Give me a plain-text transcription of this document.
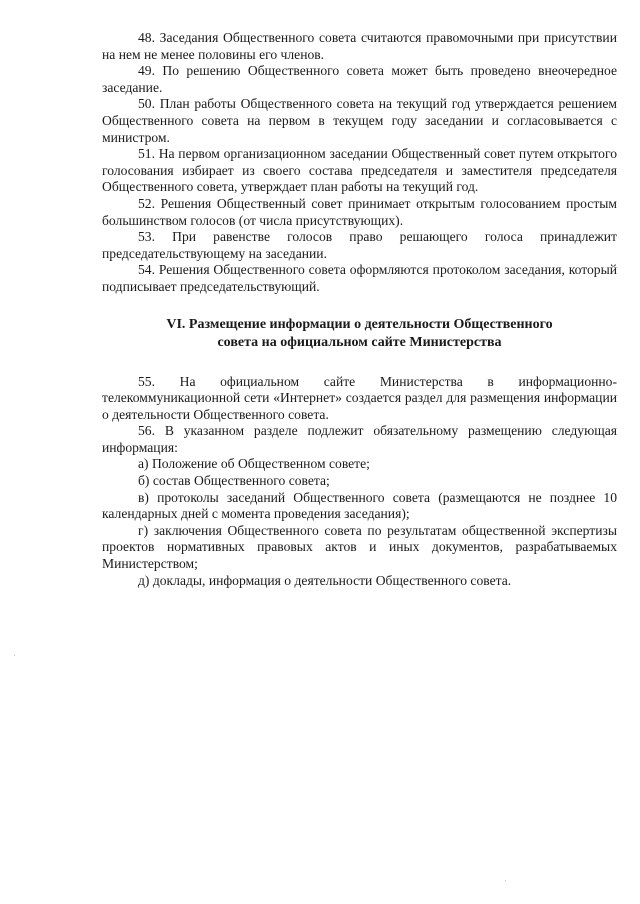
48. Заседания Общественного совета считаются правомочными при присутствии на нем не менее половины его членов.

49. По решению Общественного совета может быть проведено внеочередное заседание.

50. План работы Общественного совета на текущий год утверждается решением Общественного совета на первом в текущем году заседании и согласовывается с министром.

51. На первом организационном заседании Общественный совет путем открытого голосования избирает из своего состава председателя и заместителя председателя Общественного совета, утверждает план работы на текущий год.

52. Решения Общественный совет принимает открытым голосованием простым большинством голосов (от числа присутствующих).

53. При равенстве голосов право решающего голоса принадлежит председательствующему на заседании.

54. Решения Общественного совета оформляются протоколом заседания, который подписывает председательствующий.

VI. Размещение информации о деятельности Общественного
совета на официальном сайте Министерства

55. На официальном сайте Министерства в информационно-телекоммуникационной сети «Интернет» создается раздел для размещения информации о деятельности Общественного совета.

56. В указанном разделе подлежит обязательному размещению следующая информация:

а) Положение об Общественном совете;

б) состав Общественного совета;

в) протоколы заседаний Общественного совета (размещаются не позднее 10 календарных дней с момента проведения заседания);

г) заключения Общественного совета по результатам общественной экспертизы проектов нормативных правовых актов и иных документов, разрабатываемых Министерством;

д) доклады, информация о деятельности Общественного совета.
